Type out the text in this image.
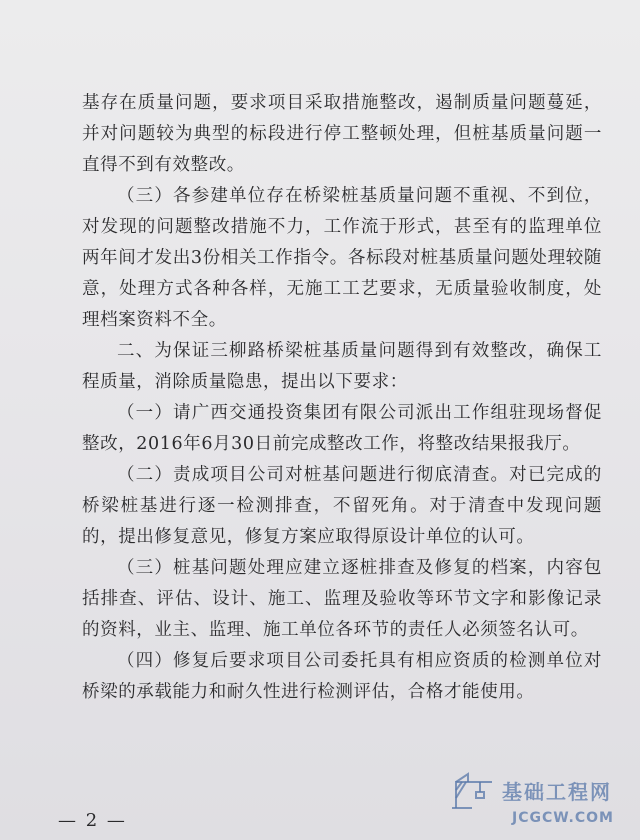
基存在质量问题，要求项目采取措施整改，遏制质量问题蔓延，并对问题较为典型的标段进行停工整顿处理，但桩基质量问题一直得不到有效整改。

（三）各参建单位存在桥梁桩基质量问题不重视、不到位，对发现的问题整改措施不力，工作流于形式，甚至有的监理单位两年间才发出3份相关工作指令。各标段对桩基质量问题处理较随意，处理方式各种各样，无施工工艺要求，无质量验收制度，处理档案资料不全。

二、为保证三柳路桥梁桩基质量问题得到有效整改，确保工程质量，消除质量隐患，提出以下要求：

（一）请广西交通投资集团有限公司派出工作组驻现场督促整改，2016年6月30日前完成整改工作，将整改结果报我厅。

（二）责成项目公司对桩基问题进行彻底清查。对已完成的桥梁桩基进行逐一检测排查，不留死角。对于清查中发现问题的，提出修复意见，修复方案应取得原设计单位的认可。

（三）桩基问题处理应建立逐桩排查及修复的档案，内容包括排查、评估、设计、施工、监理及验收等环节文字和影像记录的资料，业主、监理、施工单位各环节的责任人必须签名认可。

（四）修复后要求项目公司委托具有相应资质的检测单位对桥梁的承载能力和耐久性进行检测评估，合格才能使用。

— 2 —
基础工程网
JCGCW.COM
